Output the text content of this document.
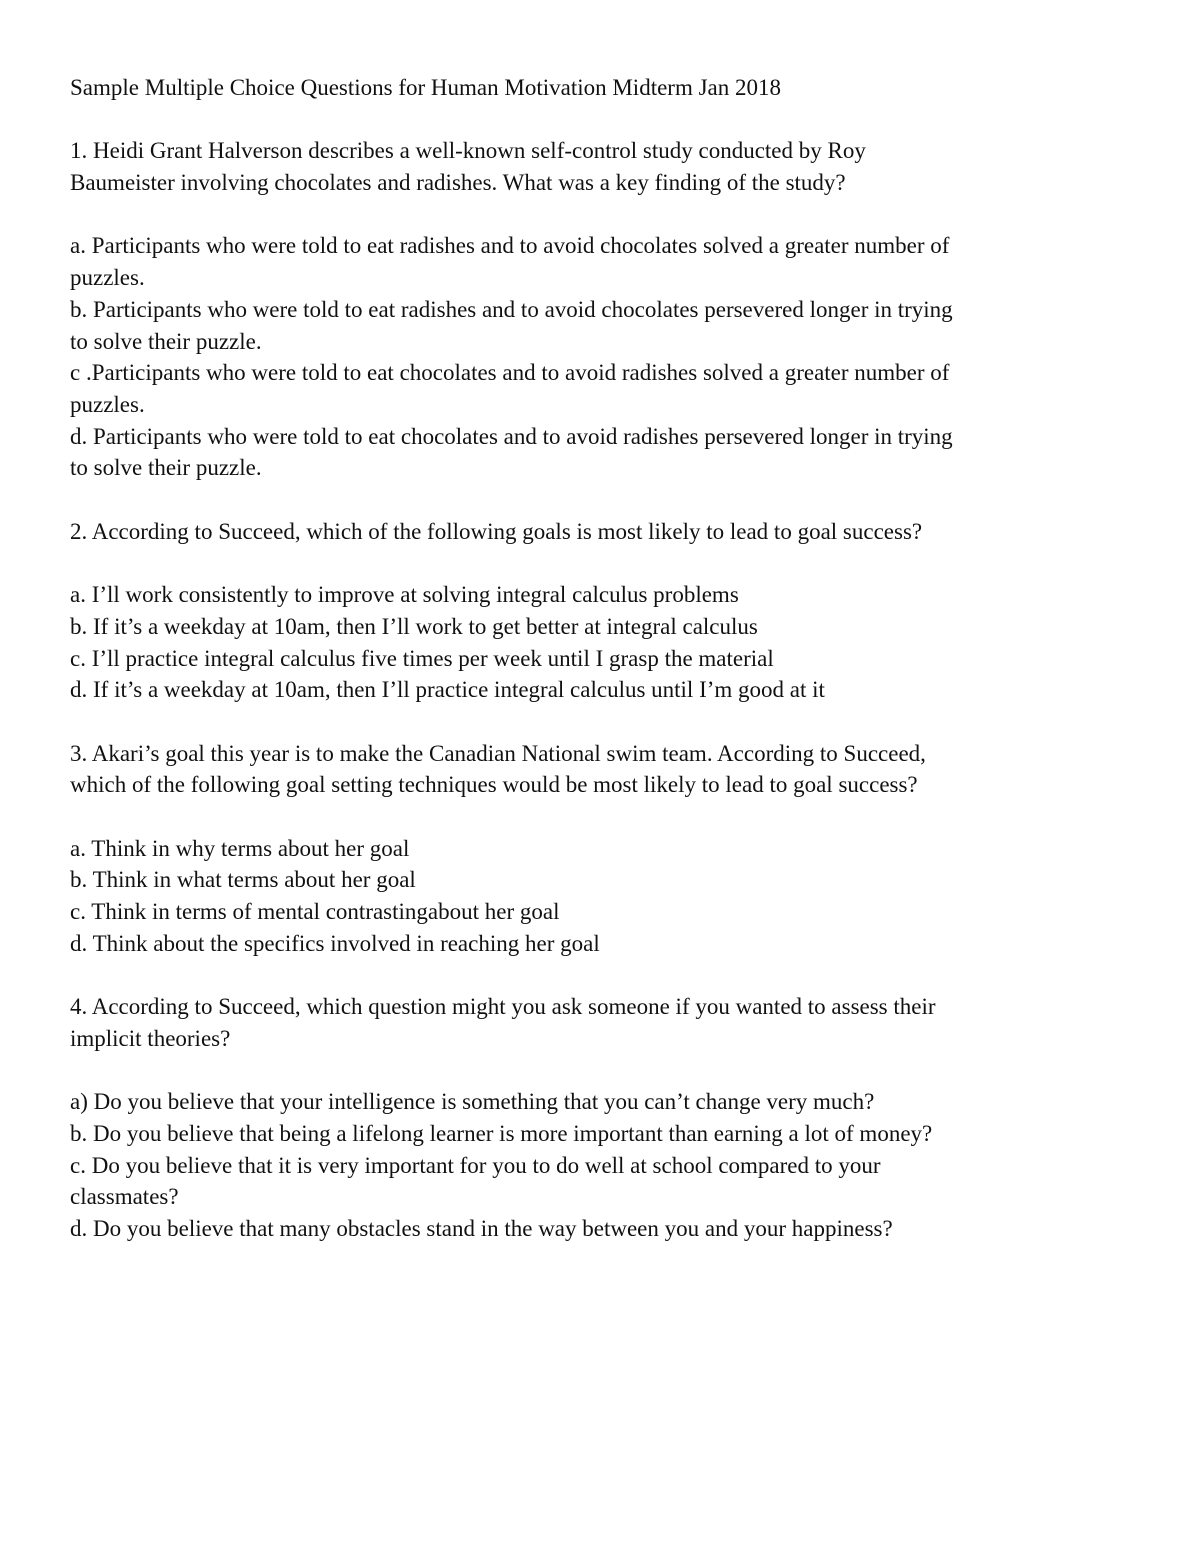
Sample Multiple Choice Questions for Human Motivation Midterm Jan 2018
1. Heidi Grant Halverson describes a well-known self-control study conducted by Roy
Baumeister involving chocolates and radishes. What was a key finding of the study?
a. Participants who were told to eat radishes and to avoid chocolates solved a greater number of
puzzles.
b. Participants who were told to eat radishes and to avoid chocolates persevered longer in trying
to solve their puzzle.
c .Participants who were told to eat chocolates and to avoid radishes solved a greater number of
puzzles.
d. Participants who were told to eat chocolates and to avoid radishes persevered longer in trying
to solve their puzzle.
2. According to Succeed, which of the following goals is most likely to lead to goal success?
a. I’ll work consistently to improve at solving integral calculus problems
b. If it’s a weekday at 10am, then I’ll work to get better at integral calculus
c. I’ll practice integral calculus five times per week until I grasp the material
d. If it’s a weekday at 10am, then I’ll practice integral calculus until I’m good at it
3. Akari’s goal this year is to make the Canadian National swim team. According to Succeed,
which of the following goal setting techniques would be most likely to lead to goal success?
a. Think in why terms about her goal
b. Think in what terms about her goal
c. Think in terms of mental contrastingabout her goal
d. Think about the specifics involved in reaching her goal
4. According to Succeed, which question might you ask someone if you wanted to assess their
implicit theories?
a) Do you believe that your intelligence is something that you can’t change very much?
b. Do you believe that being a lifelong learner is more important than earning a lot of money?
c. Do you believe that it is very important for you to do well at school compared to your
classmates?
d. Do you believe that many obstacles stand in the way between you and your happiness?
